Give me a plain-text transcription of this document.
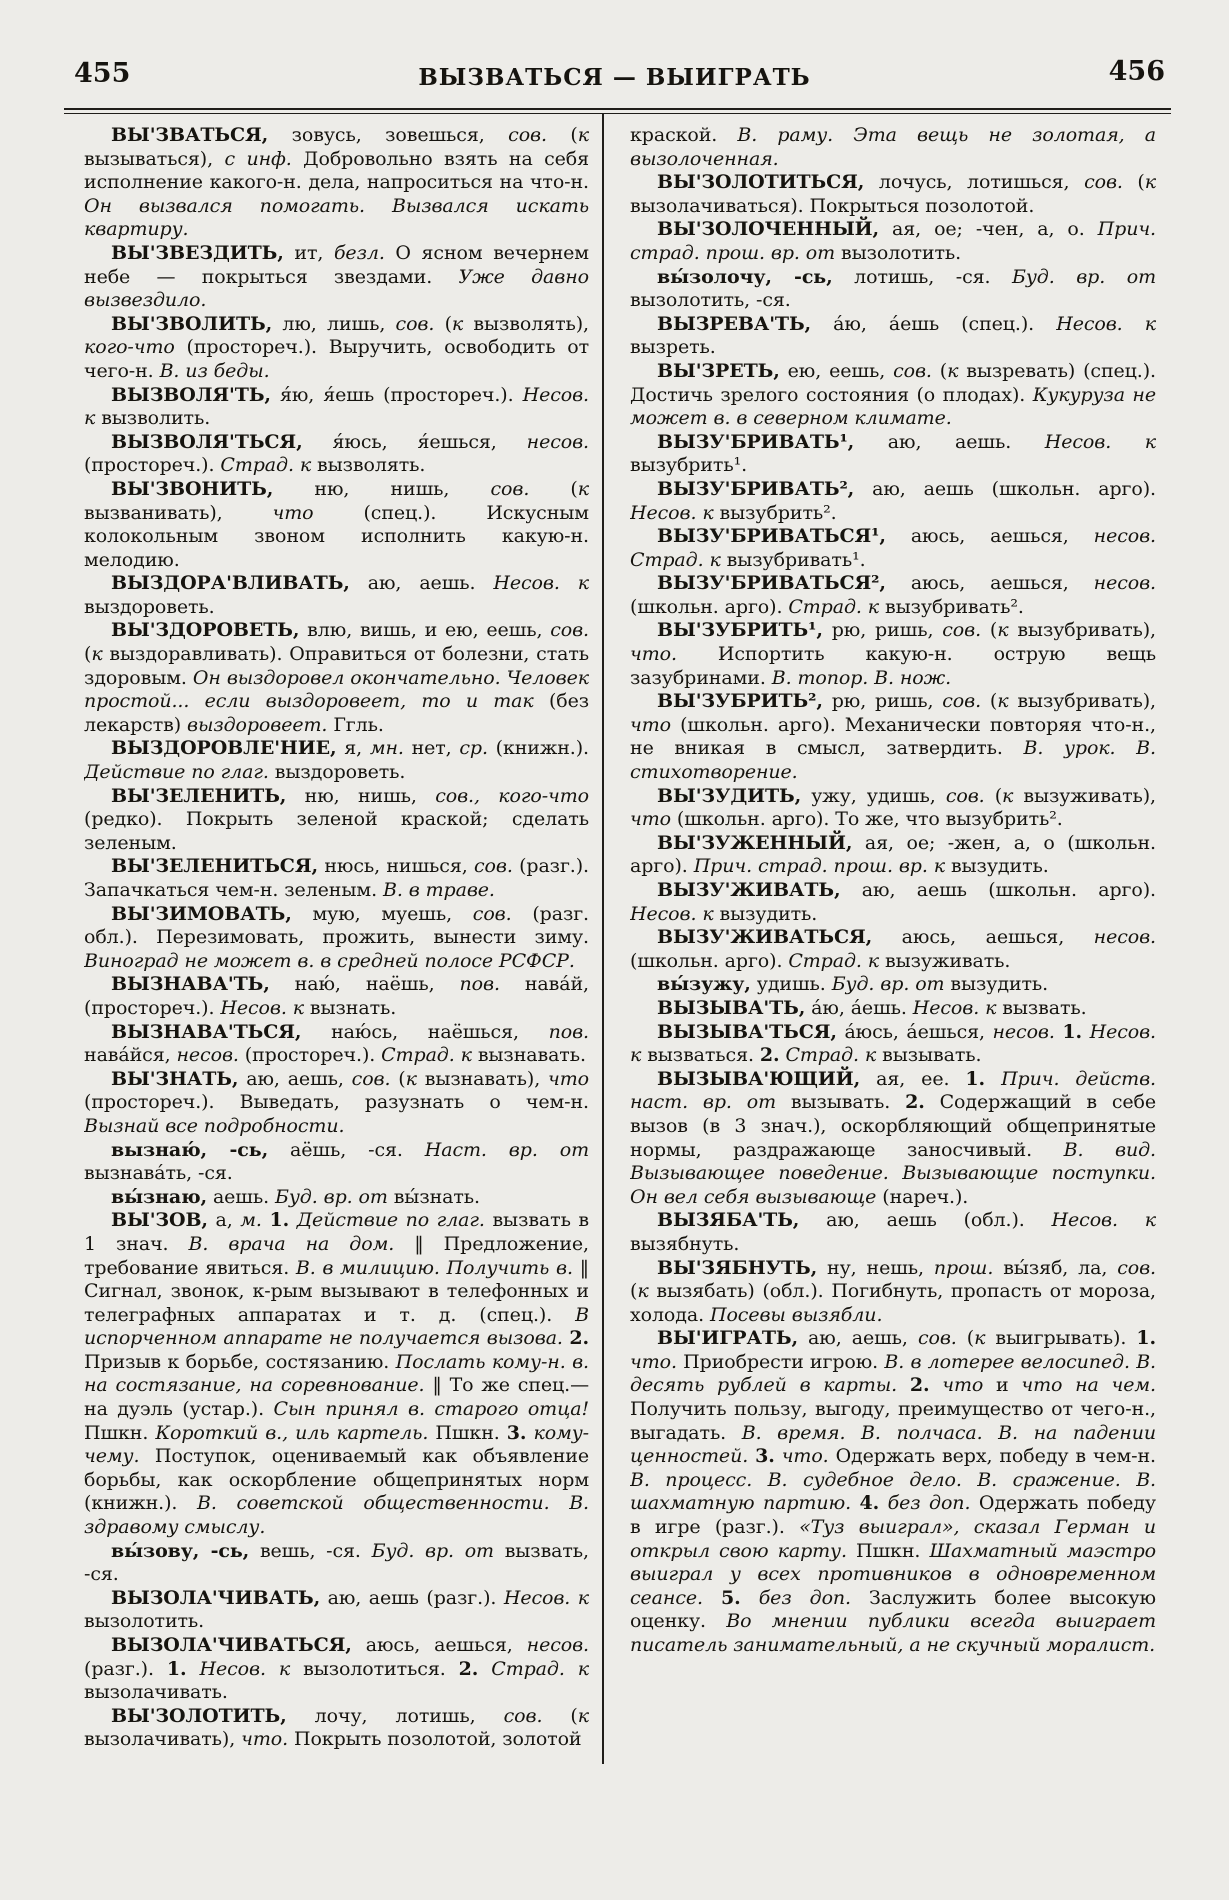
455	ВЫЗВАТЬСЯ — ВЫИГРАТЬ	456

ВЫ'ЗВАТЬСЯ, зовусь, зовешься, сов. (к вызываться), с инф. Добровольно взять на себя исполнение какого-н. дела, напроситься на что-н. Он вызвался помогать. Вызвался искать квартиру.

ВЫ'ЗВЕЗДИТЬ, ит, безл. О ясном вечернем небе — покрыться звездами. Уже давно вызвездило.

ВЫ'ЗВОЛИТЬ, лю, лишь, сов. (к вызволять), кого-что (простореч.). Выручить, освободить от чего-н. В. из беды.

ВЫЗВОЛЯ'ТЬ, я́ю, я́ешь (простореч.). Несов. к вызволить.

ВЫЗВОЛЯ'ТЬСЯ, я́юсь, я́ешься, несов. (простореч.). Страд. к вызволять.

ВЫ'ЗВОНИТЬ, ню, нишь, сов. (к вызванивать), что (спец.). Искусным колокольным звоном исполнить какую-н. мелодию.

ВЫЗДОРА'ВЛИВАТЬ, аю, аешь. Несов. к выздороветь.

ВЫ'ЗДОРОВЕТЬ, влю, вишь, и ею, еешь, сов. (к выздоравливать). Оправиться от болезни, стать здоровым. Он выздоровел окончательно. Человек простой... если выздоровеет, то и так (без лекарств) выздоровеет. Ггль.

ВЫЗДОРОВЛЕ'НИЕ, я, мн. нет, ср. (книжн.). Действие по глаг. выздороветь.

ВЫ'ЗЕЛЕНИТЬ, ню, нишь, сов., кого-что (редко). Покрыть зеленой краской; сделать зеленым.

ВЫ'ЗЕЛЕНИТЬСЯ, нюсь, нишься, сов. (разг.). Запачкаться чем-н. зеленым. В. в траве.

ВЫ'ЗИМОВАТЬ, мую, муешь, сов. (разг. обл.). Перезимовать, прожить, вынести зиму. Виноград не может в. в средней полосе РСФСР.

ВЫЗНАВА'ТЬ, наю́, наёшь, пов. нава́й, (простореч.). Несов. к вызнать.

ВЫЗНАВА'ТЬСЯ, наю́сь, наёшься, пов. нава́йся, несов. (простореч.). Страд. к вызнавать.

ВЫ'ЗНАТЬ, аю, аешь, сов. (к вызнавать), что (простореч.). Выведать, разузнать о чем-н. Вызнай все подробности.

вызнаю́, -сь, аёшь, -ся. Наст. вр. от вызнава́ть, -ся.

вы́знаю, аешь. Буд. вр. от вы́знать.

ВЫ'ЗОВ, а, м. 1. Действие по глаг. вызвать в 1 знач. В. врача на дом. ‖ Предложение, требование явиться. В. в милицию. Получить в. ‖ Сигнал, звонок, к-рым вызывают в телефонных и телеграфных аппаратах и т. д. (спец.). В испорченном аппарате не получается вызова. 2. Призыв к борьбе, состязанию. Послать кому-н. в. на состязание, на соревнование. ‖ То же спец.—на дуэль (устар.). Сын принял в. старого отца! Пшкн. Короткий в., иль картель. Пшкн. 3. кому-чему. Поступок, оцениваемый как объявление борьбы, как оскорбление общепринятых норм (книжн.). В. советской общественности. В. здравому смыслу.

вы́зову, -сь, вешь, -ся. Буд. вр. от вызвать, -ся.

ВЫЗОЛА'ЧИВАТЬ, аю, аешь (разг.). Несов. к вызолотить.

ВЫЗОЛА'ЧИВАТЬСЯ, аюсь, аешься, несов. (разг.). 1. Несов. к вызолотиться. 2. Страд. к вызолачивать.

ВЫ'ЗОЛОТИТЬ, лочу, лотишь, сов. (к вызолачивать), что. Покрыть позолотой, золотой

краской. В. раму. Эта вещь не золотая, а вызолоченная.

ВЫ'ЗОЛОТИТЬСЯ, лочусь, лотишься, сов. (к вызолачиваться). Покрыться позолотой.

ВЫ'ЗОЛОЧЕННЫЙ, ая, ое; -чен, а, о. Прич. страд. прош. вр. от вызолотить.

вы́золочу, -сь, лотишь, -ся. Буд. вр. от вызолотить, -ся.

ВЫЗРЕВА'ТЬ, а́ю, а́ешь (спец.). Несов. к вызреть.

ВЫ'ЗРЕТЬ, ею, еешь, сов. (к вызревать) (спец.). Достичь зрелого состояния (о плодах). Кукуруза не может в. в северном климате.

ВЫЗУ'БРИВАТЬ¹, аю, аешь. Несов. к вызубрить¹.

ВЫЗУ'БРИВАТЬ², аю, аешь (школьн. арго). Несов. к вызубрить².

ВЫЗУ'БРИВАТЬСЯ¹, аюсь, аешься, несов. Страд. к вызубривать¹.

ВЫЗУ'БРИВАТЬСЯ², аюсь, аешься, несов. (школьн. арго). Страд. к вызубривать².

ВЫ'ЗУБРИТЬ¹, рю, ришь, сов. (к вызубривать), что. Испортить какую-н. острую вещь зазубринами. В. топор. В. нож.

ВЫ'ЗУБРИТЬ², рю, ришь, сов. (к вызубривать), что (школьн. арго). Механически повторяя что-н., не вникая в смысл, затвердить. В. урок. В. стихотворение.

ВЫ'ЗУДИТЬ, ужу, удишь, сов. (к вызуживать), что (школьн. арго). То же, что вызубрить².

ВЫ'ЗУЖЕННЫЙ, ая, ое; -жен, а, о (школьн. арго). Прич. страд. прош. вр. к вызудить.

ВЫЗУ'ЖИВАТЬ, аю, аешь (школьн. арго). Несов. к вызудить.

ВЫЗУ'ЖИВАТЬСЯ, аюсь, аешься, несов. (школьн. арго). Страд. к вызуживать.

вы́зужу, удишь. Буд. вр. от вызудить.

ВЫЗЫВА'ТЬ, а́ю, а́ешь. Несов. к вызвать.

ВЫЗЫВА'ТЬСЯ, а́юсь, а́ешься, несов. 1. Несов. к вызваться. 2. Страд. к вызывать.

ВЫЗЫВА'ЮЩИЙ, ая, ее. 1. Прич. действ. наст. вр. от вызывать. 2. Содержащий в себе вызов (в 3 знач.), оскорбляющий общепринятые нормы, раздражающе заносчивый. В. вид. Вызывающее поведение. Вызывающие поступки. Он вел себя вызывающе (нареч.).

ВЫЗЯБА'ТЬ, аю, аешь (обл.). Несов. к вызябнуть.

ВЫ'ЗЯБНУТЬ, ну, нешь, прош. вы́зяб, ла, сов. (к вызябать) (обл.). Погибнуть, пропасть от мороза, холода. Посевы вызябли.

ВЫ'ИГРАТЬ, аю, аешь, сов. (к выигрывать). 1. что. Приобрести игрою. В. в лотерее велосипед. В. десять рублей в карты. 2. что и что на чем. Получить пользу, выгоду, преимущество от чего-н., выгадать. В. время. В. полчаса. В. на падении ценностей. 3. что. Одержать верх, победу в чем-н. В. процесс. В. судебное дело. В. сражение. В. шахматную партию. 4. без доп. Одержать победу в игре (разг.). «Туз выиграл», сказал Герман и открыл свою карту. Пшкн. Шахматный маэстро выиграл у всех противников в одновременном сеансе. 5. без доп. Заслужить более высокую оценку. Во мнении публики всегда выиграет писатель занимательный, а не скучный моралист.
